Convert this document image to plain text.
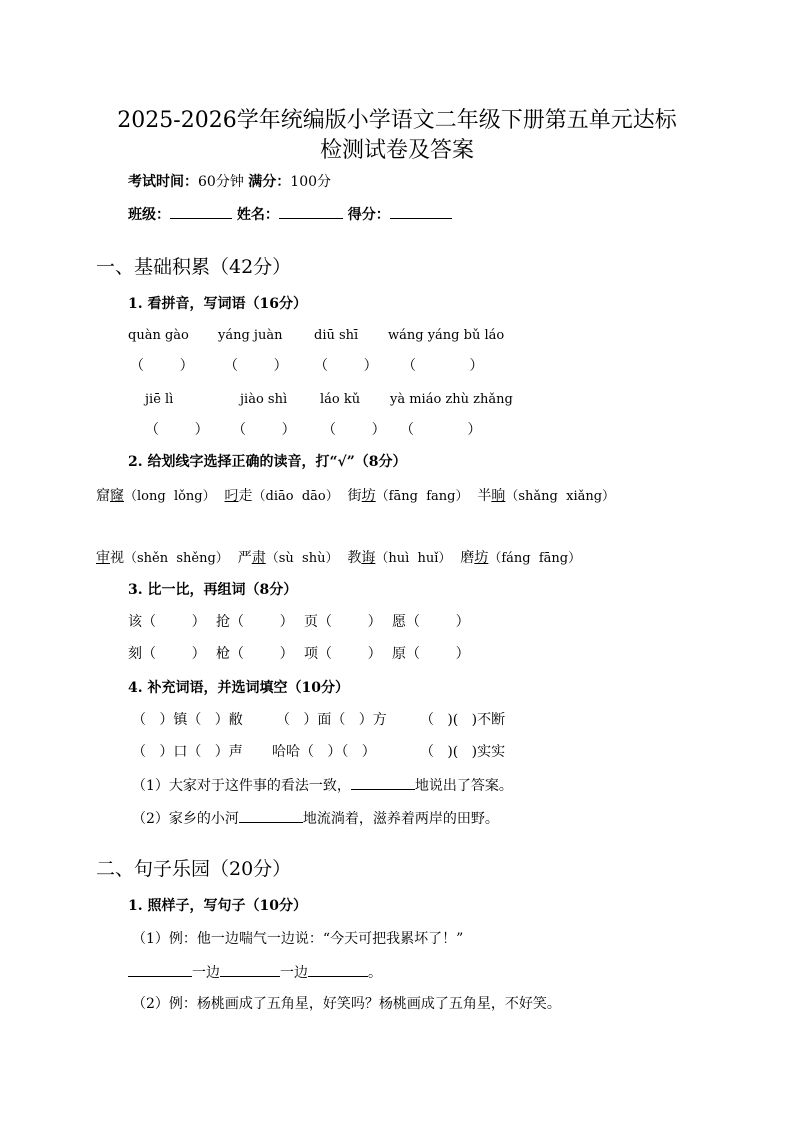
2025-2026学年统编版小学语文二年级下册第五单元达标
检测试卷及答案
考试时间：60分钟 满分：100分
班级：	姓名：	得分：
一、基础积累（42分）
1. 看拼音，写词语（16分）
quàn gào yáng juàn diū shī wáng yáng bǔ láo
（        ） （        ） （        ） （            ）
jiē lì	jiào shì	láo kǔ yà miáo zhù zhǎng
（        ） （        ） （        ） （            ）
2. 给划线字选择正确的读音，打“√”（8分）
窟窿（long  lǒng） 叼走（diāo  dāo） 街坊（fāng  fang） 半晌（shǎng  xiǎng）
审视（shěn  shěng） 严肃（sù  shù） 教诲（huì  huǐ） 磨坊（fáng  fāng）
3. 比一比，再组词（8分）
该（        ） 抢（        ） 页（        ） 愿（        ）
刻（        ） 枪（        ） 项（        ） 原（        ）
4. 补充词语，并选词填空（10分）
（   ）镇（   ）敝 （   ）面（   ）方 （   )(   )不断
（   ）口（   ）声 哈哈（   ）（   ）	（   )(   )实实
（1）大家对于这件事的看法一致，	地说出了答案。
（2）家乡的小河	地流淌着，滋养着两岸的田野。
二、句子乐园（20分）
1. 照样子，写句子（10分）
（1）例：他一边喘气一边说：“今天可把我累坏了！”
一边	一边	。
（2）例：杨桃画成了五角星，好笑吗？杨桃画成了五角星，不好笑。
